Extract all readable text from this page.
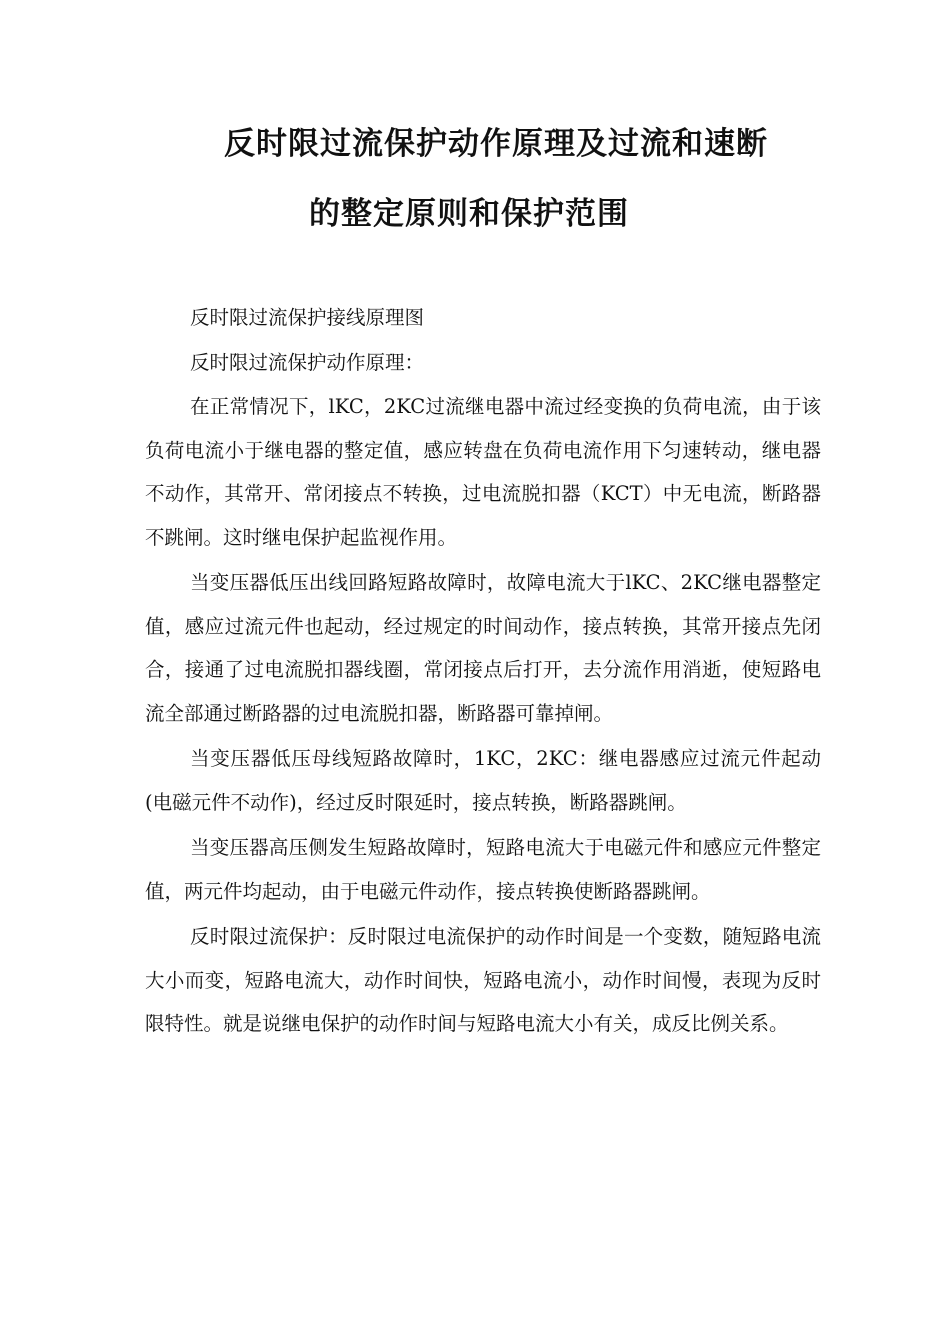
反时限过流保护动作原理及过流和速断
的整定原则和保护范围

反时限过流保护接线原理图

反时限过流保护动作原理：

在正常情况下，lKC，2KC过流继电器中流过经变换的负荷电流，由于该负荷电流小于继电器的整定值，感应转盘在负荷电流作用下匀速转动，继电器不动作，其常开、常闭接点不转换，过电流脱扣器（KCT）中无电流，断路器不跳闸。这时继电保护起监视作用。

当变压器低压出线回路短路故障时，故障电流大于lKC、2KC继电器整定值，感应过流元件也起动，经过规定的时间动作，接点转换，其常开接点先闭合，接通了过电流脱扣器线圈，常闭接点后打开，去分流作用消逝，使短路电流全部通过断路器的过电流脱扣器，断路器可靠掉闸。

当变压器低压母线短路故障时，1KC，2KC：继电器感应过流元件起动(电磁元件不动作)，经过反时限延时，接点转换，断路器跳闸。

当变压器高压侧发生短路故障时，短路电流大于电磁元件和感应元件整定值，两元件均起动，由于电磁元件动作，接点转换使断路器跳闸。

反时限过流保护：反时限过电流保护的动作时间是一个变数，随短路电流大小而变，短路电流大，动作时间快，短路电流小，动作时间慢，表现为反时限特性。就是说继电保护的动作时间与短路电流大小有关，成反比例关系。
